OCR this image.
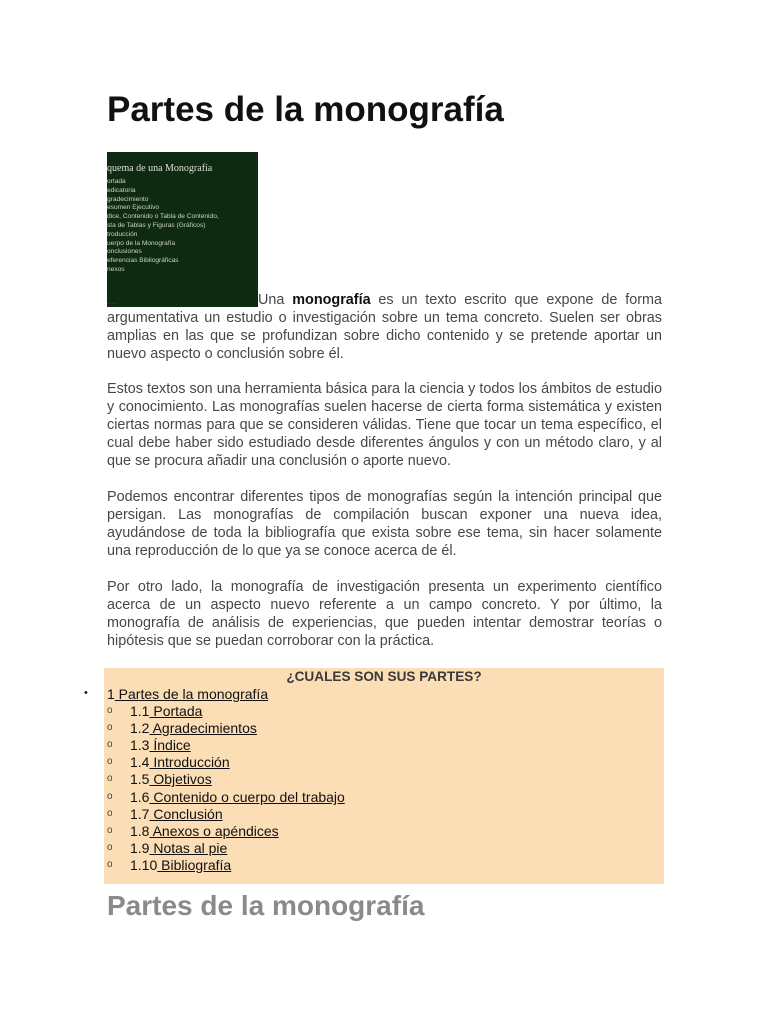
Partes de la monografía
quema de una Monografía
ortada
edicatoria
gradecimiento
esumen Ejecutivo
dice, Contenido o Tabla de Contenido,
sta de Tablas y Figuras (Gráficos)
troducción
uerpo de la Monografía
onclusiones
eferencias Bibliográficas
nexos
........	Una monografía es un texto escrito que expone de forma argumentativa un estudio o investigación sobre un tema concreto. Suelen ser obras amplias en las que se profundizan sobre dicho contenido y se pretende aportar un nuevo aspecto o conclusión sobre él.

Estos textos son una herramienta básica para la ciencia y todos los ámbitos de estudio y conocimiento. Las monografías suelen hacerse de cierta forma sistemática y existen ciertas normas para que se consideren válidas. Tiene que tocar un tema específico, el cual debe haber sido estudiado desde diferentes ángulos y con un método claro, y al que se procura añadir una conclusión o aporte nuevo.

Podemos encontrar diferentes tipos de monografías según la intención principal que persigan. Las monografías de compilación buscan exponer una nueva idea, ayudándose de toda la bibliografía que exista sobre ese tema, sin hacer solamente una reproducción de lo que ya se conoce acerca de él.

Por otro lado, la monografía de investigación presenta un experimento científico acerca de un aspecto nuevo referente a un campo concreto. Y por último, la monografía de análisis de experiencias, que pueden intentar demostrar teorías o hipótesis que se puedan corroborar con la práctica.

¿CUALES SON SUS PARTES?
• 1 Partes de la monografía
o 1.1 Portada
o 1.2 Agradecimientos
o 1.3 Índice
o 1.4 Introducción
o 1.5 Objetivos
o 1.6 Contenido o cuerpo del trabajo
o 1.7 Conclusión
o 1.8 Anexos o apéndices
o 1.9 Notas al pie
o 1.10 Bibliografía
Partes de la monografía
